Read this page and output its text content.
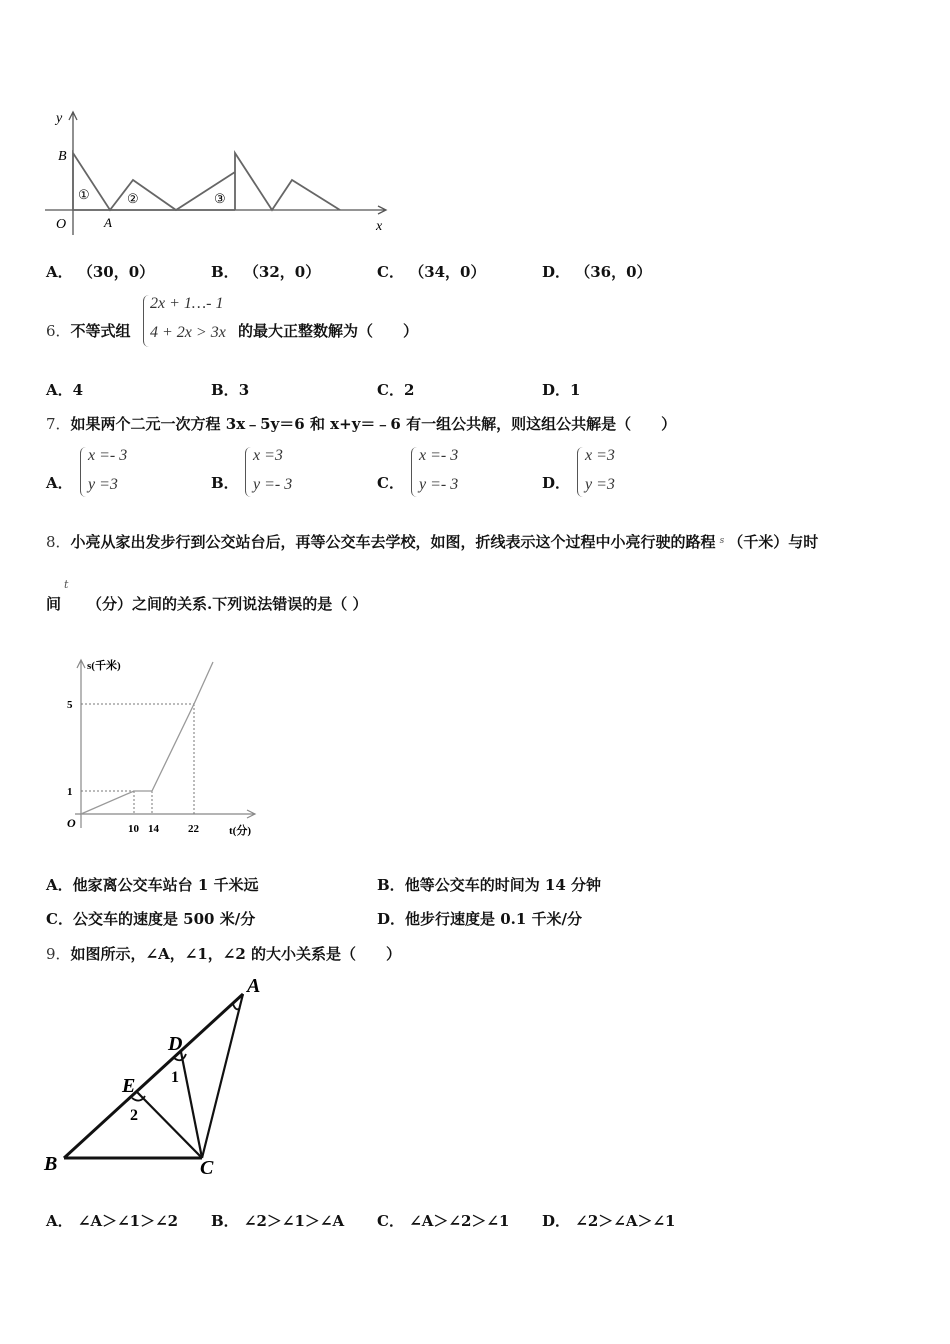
y
x
O
B
A
①	②	③
A． （30，0）	B． （32，0）	C． （34，0）	D． （36，0）
6．不等式组
2x + 1…- 1
4 + 2x > 3x 的最大正整数解为（　　）
A．4	B．3	C．2	D．1
7．如果两个二元一次方程 3x﹣5y＝6 和 x+y＝﹣6 有一组公共解，则这组公共解是（　　）
A．
x =- 3
y =3	B．
x =3
y =- 3	C．
x =- 3
y =- 3	D．
x =3
y =3
8．小亮从家出发步行到公交站台后，再等公交车去学校，如图，折线表示这个过程中小亮行驶的路程 $^s$ （千米）与时
t
间 （分）之间的关系.下列说法错误的是（ ）
s(千米)
t(分)
O
5
1
10 14	22
A．他家离公交车站台 1 千米远	B．他等公交车的时间为 14 分钟
C．公交车的速度是 500 米/分	D．他步行速度是 0.1 千米/分
9．如图所示，∠A，∠1，∠2 的大小关系是（　　）
A
B	C
D
E 1
2
A． ∠A＞∠1＞∠2 B． ∠2＞∠1＞∠A C． ∠A＞∠2＞∠1 D． ∠2＞∠A＞∠1
